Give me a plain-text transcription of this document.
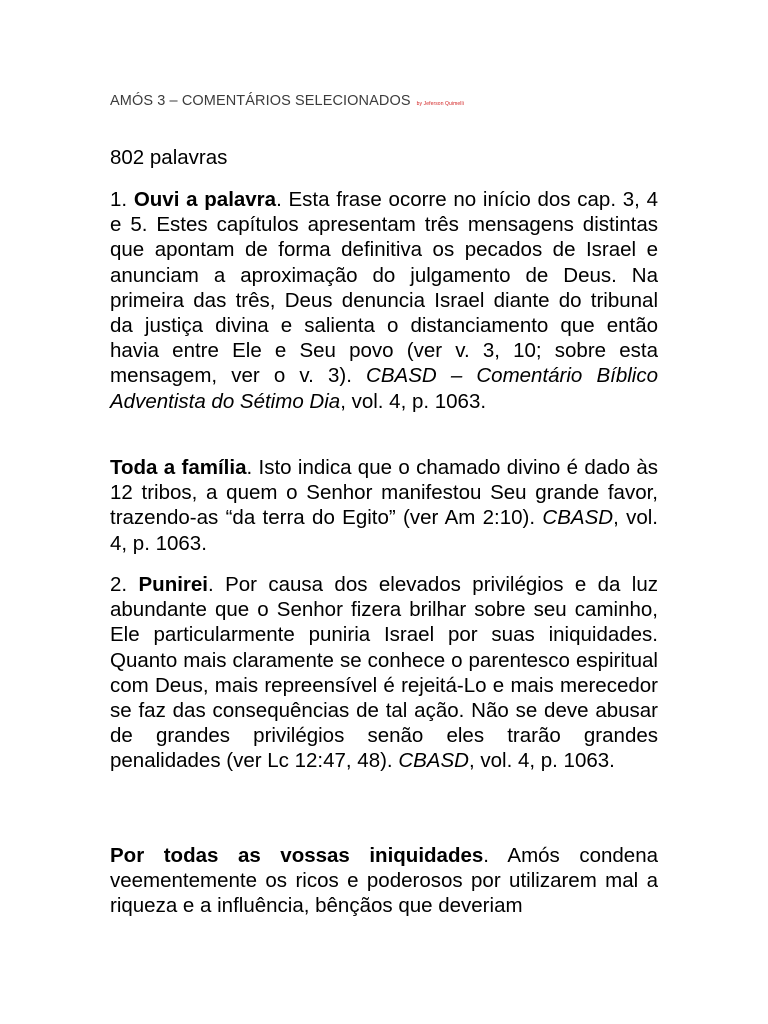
AMÓS 3 – COMENTÁRIOS SELECIONADOS by Jeferson Quimelli
802 palavras

1. Ouvi a palavra. Esta frase ocorre no início dos cap. 3, 4 e 5. Estes capítulos apresentam três mensagens distintas que apontam de forma definitiva os pecados de Israel e anunciam a aproximação do julgamento de Deus. Na primeira das três, Deus denuncia Israel diante do tribunal da justiça divina e salienta o distanciamento que então havia entre Ele e Seu povo (ver v. 3, 10; sobre esta mensagem, ver o v. 3). CBASD – Comentário Bíblico Adventista do Sétimo Dia, vol. 4, p. 1063.

Toda a família. Isto indica que o chamado divino é dado às 12 tribos, a quem o Senhor manifestou Seu grande favor, trazendo-as “da terra do Egito” (ver Am 2:10). CBASD, vol. 4, p. 1063.

2. Punirei. Por causa dos elevados privilégios e da luz abundante que o Senhor fizera brilhar sobre seu caminho, Ele particularmente puniria Israel por suas iniquidades. Quanto mais claramente se conhece o parentesco espiritual com Deus, mais repreensível é rejeitá-Lo e mais merecedor se faz das consequências de tal ação. Não se deve abusar de grandes privilégios senão eles trarão grandes penalidades (ver Lc 12:47, 48). CBASD, vol. 4, p. 1063.

Por todas as vossas iniquidades. Amós condena veementemente os ricos e poderosos por utilizarem mal a riqueza e a influência, bênçãos que deveriam
